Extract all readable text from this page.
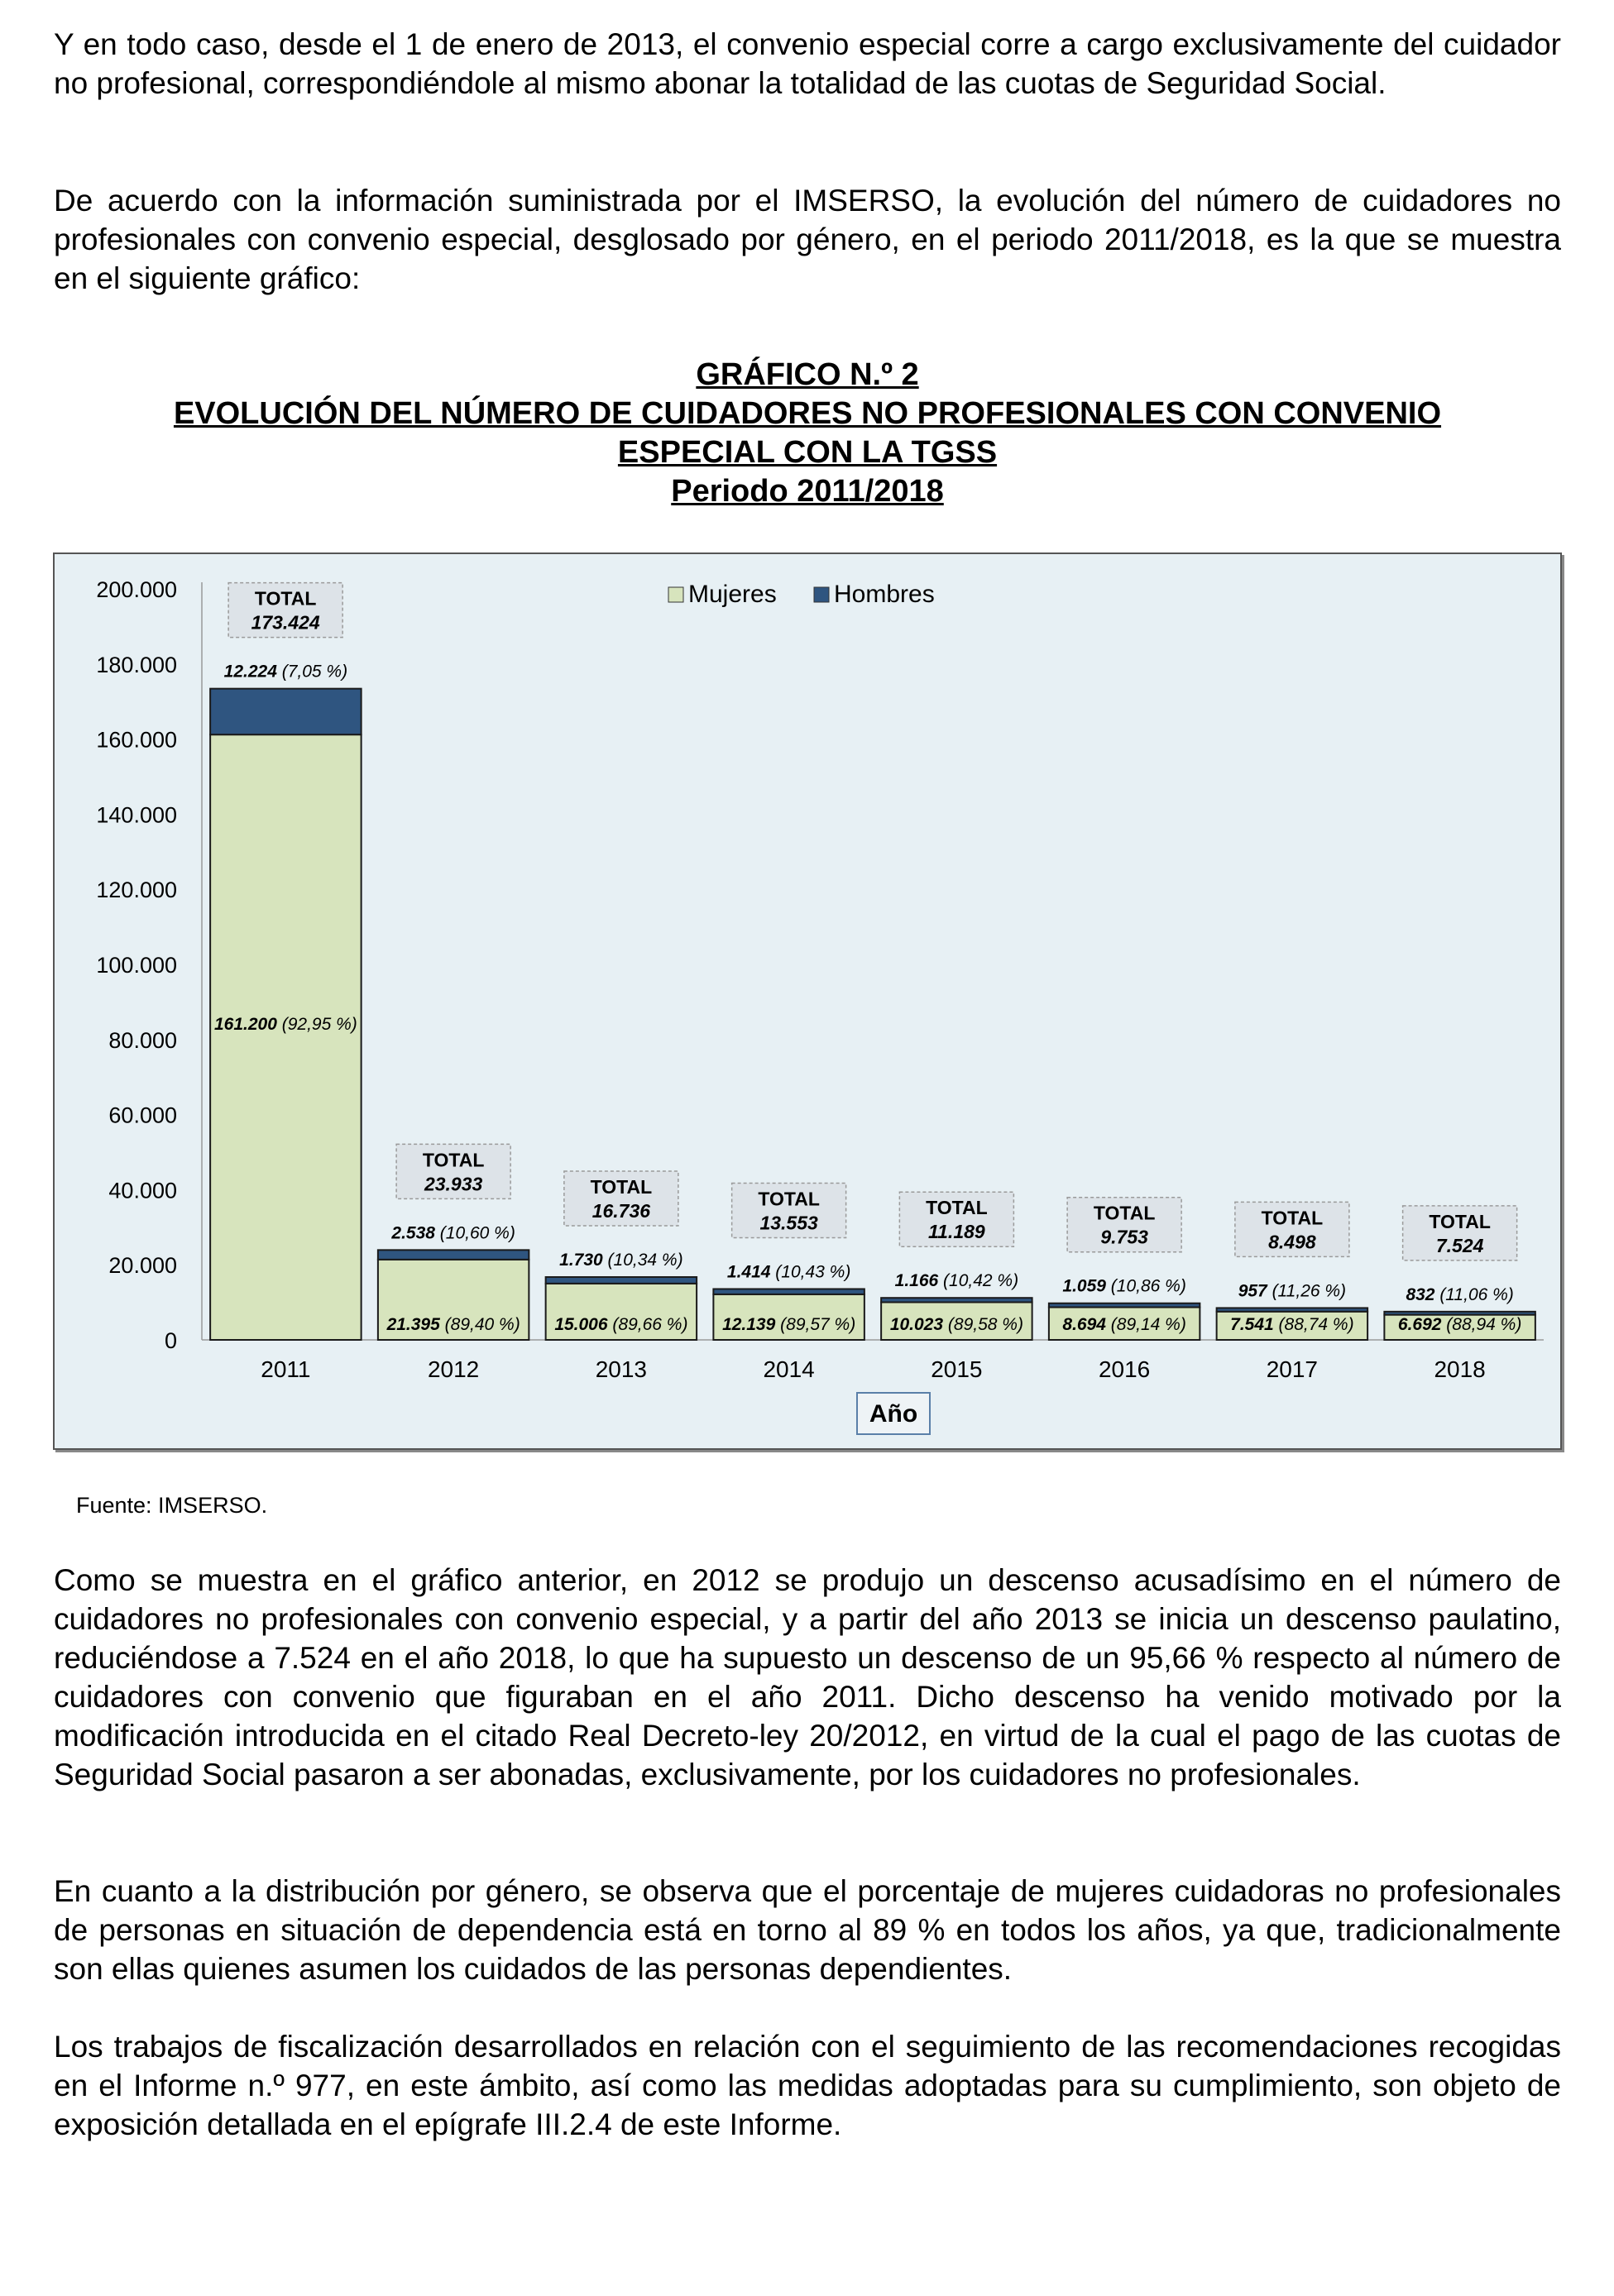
Y en todo caso, desde el 1 de enero de 2013, el convenio especial corre a cargo exclusivamente del cuidador no profesional, correspondiéndole al mismo abonar la totalidad de las cuotas de Seguridad Social.

De acuerdo con la información suministrada por el IMSERSO, la evolución del número de cuidadores no profesionales con convenio especial, desglosado por género, en el periodo 2011/2018, es la que se muestra en el siguiente gráfico:

GRÁFICO N.º 2
EVOLUCIÓN DEL NÚMERO DE CUIDADORES NO PROFESIONALES CON CONVENIO
ESPECIAL CON LA TGSS
Periodo 2011/2018
0
20.000
40.000
60.000
80.000
100.000
120.000
140.000
160.000
180.000
200.000
2011
161.200 (92,95 %)
12.224 (7,05 %)
TOTAL
173.424
2012
21.395 (89,40 %)
2.538 (10,60 %)
TOTAL
23.933
2013
15.006 (89,66 %)
1.730 (10,34 %)
TOTAL
16.736
2014
12.139 (89,57 %)
1.414 (10,43 %)
TOTAL
13.553
2015
10.023 (89,58 %)
1.166 (10,42 %)
TOTAL
11.189
2016
8.694 (89,14 %)
1.059 (10,86 %)
TOTAL
9.753
2017
7.541 (88,74 %)
957 (11,26 %)
TOTAL
8.498
2018
6.692 (88,94 %)
832 (11,06 %)
TOTAL
7.524
Mujeres Hombres
Año

Fuente: IMSERSO.

Como se muestra en el gráfico anterior, en 2012 se produjo un descenso acusadísimo en el número de cuidadores no profesionales con convenio especial, y a partir del año 2013 se inicia un descenso paulatino, reduciéndose a 7.524 en el año 2018, lo que ha supuesto un descenso de un 95,66 % respecto al número de cuidadores con convenio que figuraban en el año 2011. Dicho descenso ha venido motivado por la modificación introducida en el citado Real Decreto-ley 20/2012, en virtud de la cual el pago de las cuotas de Seguridad Social pasaron a ser abonadas, exclusivamente, por los cuidadores no profesionales.

En cuanto a la distribución por género, se observa que el porcentaje de mujeres cuidadoras no profesionales de personas en situación de dependencia está en torno al 89 % en todos los años, ya que, tradicionalmente son ellas quienes asumen los cuidados de las personas dependientes.

Los trabajos de fiscalización desarrollados en relación con el seguimiento de las recomendaciones recogidas en el Informe n.º 977, en este ámbito, así como las medidas adoptadas para su cumplimiento, son objeto de exposición detallada en el epígrafe III.2.4 de este Informe.
